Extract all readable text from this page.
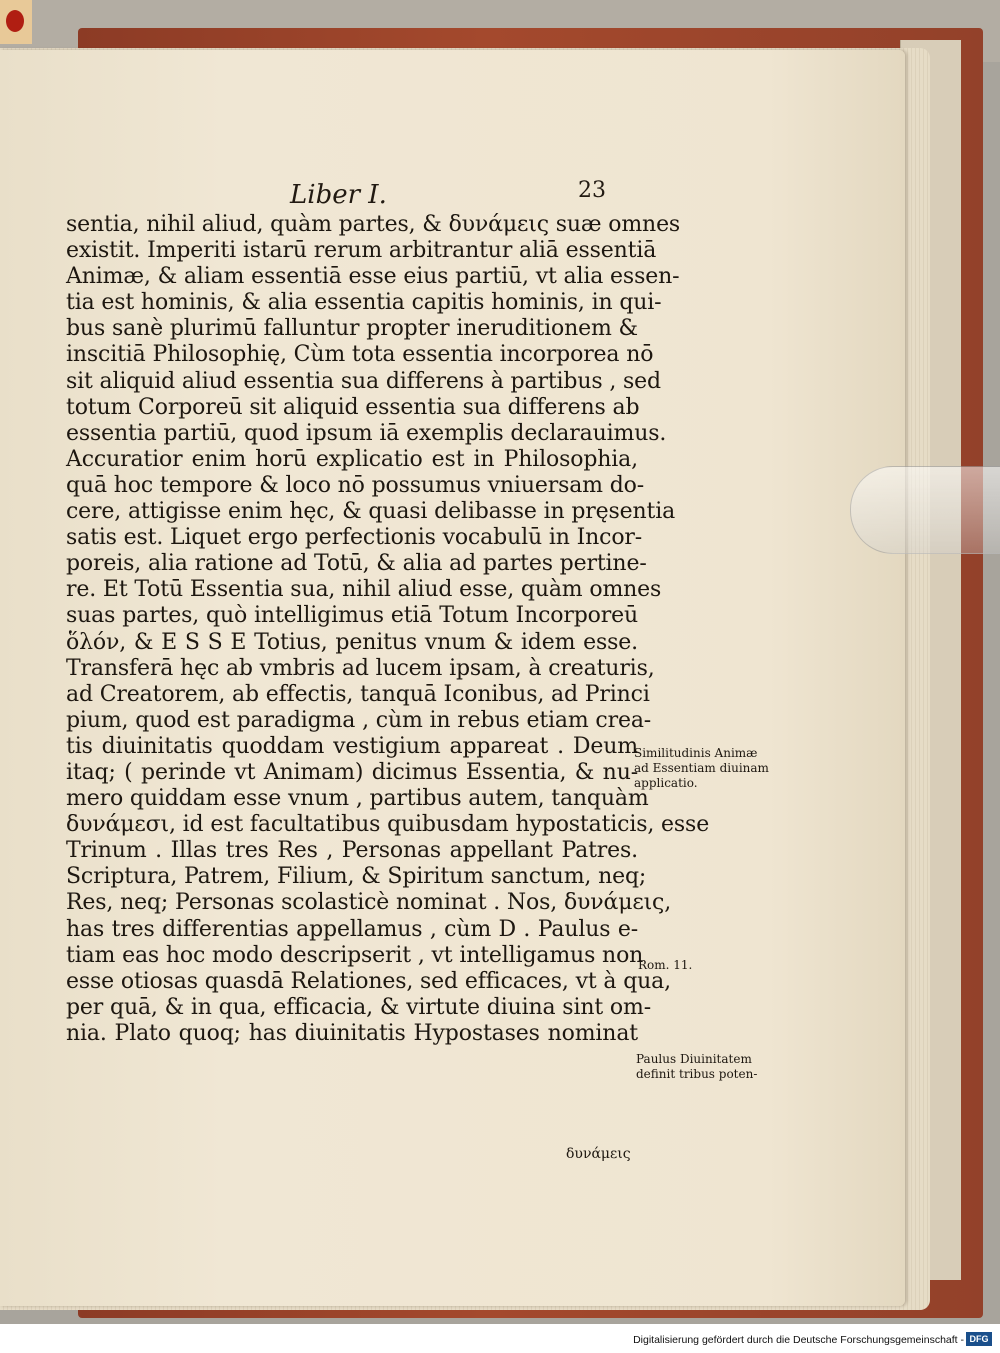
Liber I.	23
sentia, nihil aliud, quàm partes, & δυνάμεις suæ omnes
existit. Imperiti istarū rerum arbitrantur aliā essentiā
Animæ, & aliam essentiā esse eius partiū, vt alia essen-
tia est hominis, & alia essentia capitis hominis, in qui-
bus sanè plurimū falluntur propter ineruditionem &
inscitiā Philosophię, Cùm tota essentia incorporea nō
sit aliquid aliud essentia sua differens à partibus , sed
totum Corporeū sit aliquid essentia sua differens ab
essentia partiū, quod ipsum iā exemplis declarauimus.
Accuratior enim horū explicatio est in Philosophia,
quā hoc tempore & loco nō possumus vniuersam do-
cere, attigisse enim hęc, & quasi delibasse in pręsentia
satis est. Liquet ergo perfectionis vocabulū in Incor-
poreis, alia ratione ad Totū, & alia ad partes pertine-
re. Et Totū Essentia sua, nihil aliud esse, quàm omnes
suas partes, quò intelligimus etiā Totum Incorporeū
ὅλόν, & E S S E Totius, penitus vnum & idem esse.
Transferā hęc ab vmbris ad lucem ipsam, à creaturis,
ad Creatorem, ab effectis, tanquā Iconibus, ad Princi
pium, quod est paradigma , cùm in rebus etiam crea-
tis diuinitatis quoddam vestigium appareat . Deum
itaq; ( perinde vt Animam) dicimus Essentia, & nu-
mero quiddam esse vnum , partibus autem, tanquàm
δυνάμεσι, id est facultatibus quibusdam hypostaticis, esse
Trinum . Illas tres Res , Personas appellant Patres.
Scriptura, Patrem, Filium, & Spiritum sanctum, neq;
Res, neq; Personas scolasticè nominat . Nos, δυνάμεις,
has tres differentias appellamus , cùm D . Paulus e-
tiam eas hoc modo descripserit , vt intelligamus non
esse otiosas quasdā Relationes, sed efficaces, vt à qua,
per quā, & in qua, efficacia, & virtute diuina sint om-
nia. Plato quoq; has diuinitatis Hypostases nominat
δυνάμεις
Similitudinis Animæ
ad Essentiam diuinam
applicatio.
Rom. 11.
Paulus Diuinitatem
definit tribus poten-
Digitalisierung gefördert durch die Deutsche Forschungsgemeinschaft - DFG
